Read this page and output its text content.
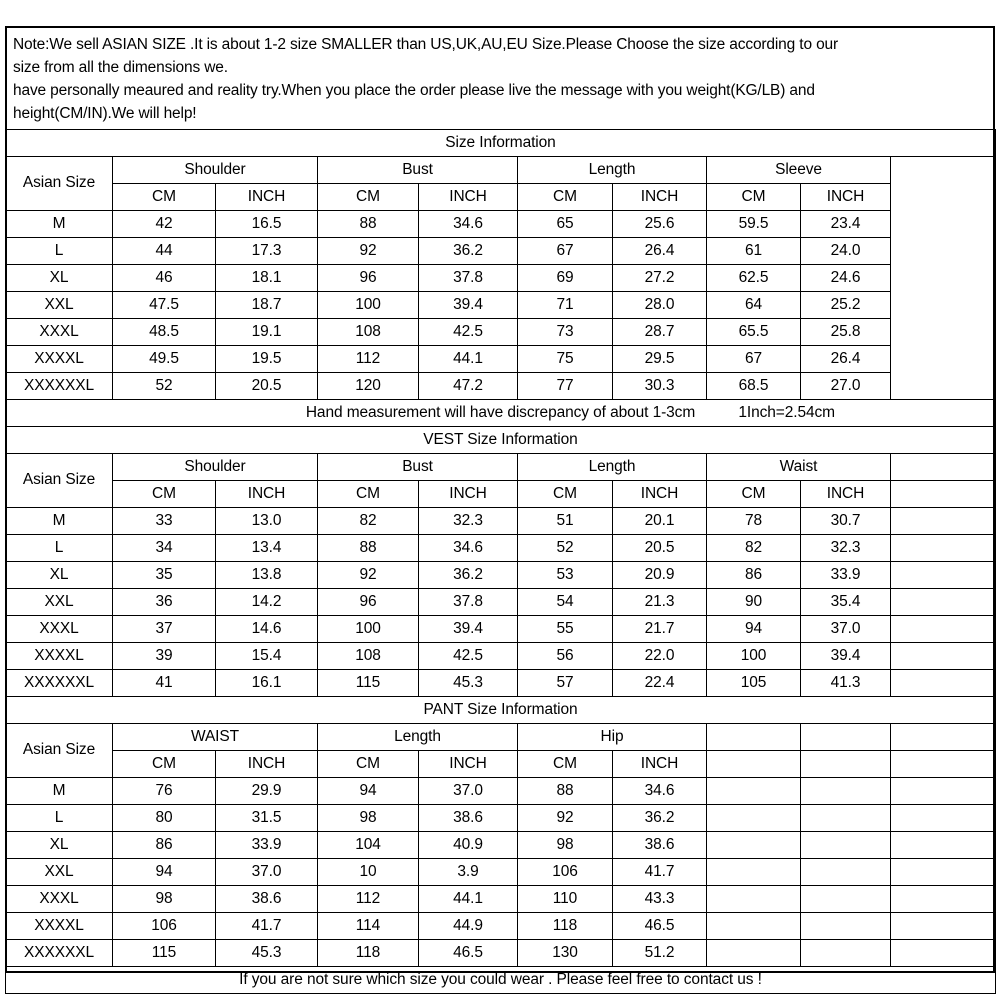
Note:We sell ASIAN SIZE .It is about 1-2 size SMALLER than US,UK,AU,EU Size.Please Choose the size according to our
size from all the dimensions we.
have personally meaured and reality try.When you place the order please live the message with you weight(KG/LB) and
height(CM/IN).We will help!
Size Information									
Asian Size	Shoulder		Bust		Length		Sleeve		
	CM	INCH	CM	INCH	CM	INCH	CM	INCH	
M	42	16.5	88	34.6	65	25.6	59.5	23.4	
L	44	17.3	92	36.2	67	26.4	61	24.0	
XL	46	18.1	96	37.8	69	27.2	62.5	24.6	
XXL	47.5	18.7	100	39.4	71	28.0	64	25.2	
XXXL	48.5	19.1	108	42.5	73	28.7	65.5	25.8	
XXXXL	49.5	19.5	112	44.1	75	29.5	67	26.4	
XXXXXXL	52	20.5	120	47.2	77	30.3	68.5	27.0	
Hand measurement will have discrepancy of about 1-3cm 1Inch=2.54cm									

VEST Size Information									
Asian Size	Shoulder		Bust		Length		Waist		
	CM	INCH	CM	INCH	CM	INCH	CM	INCH	
M	33	13.0	82	32.3	51	20.1	78	30.7	
L	34	13.4	88	34.6	52	20.5	82	32.3	
XL	35	13.8	92	36.2	53	20.9	86	33.9	
XXL	36	14.2	96	37.8	54	21.3	90	35.4	
XXXL	37	14.6	100	39.4	55	21.7	94	37.0	
XXXXL	39	15.4	108	42.5	56	22.0	100	39.4	
XXXXXXL	41	16.1	115	45.3	57	22.4	105	41.3	
PANT Size Information									
Asian Size	WAIST		Length		Hip				
	CM	INCH	CM	INCH	CM	INCH			
M	76	29.9	94	37.0	88	34.6			
L	80	31.5	98	38.6	92	36.2			
XL	86	33.9	104	40.9	98	38.6			
XXL	94	37.0	10	3.9	106	41.7			
XXXL	98	38.6	112	44.1	110	43.3			
XXXXL	106	41.7	114	44.9	118	46.5			
XXXXXXL	115	45.3	118	46.5	130	51.2			
If you are not sure which size you could wear . Please feel free to contact us !									
